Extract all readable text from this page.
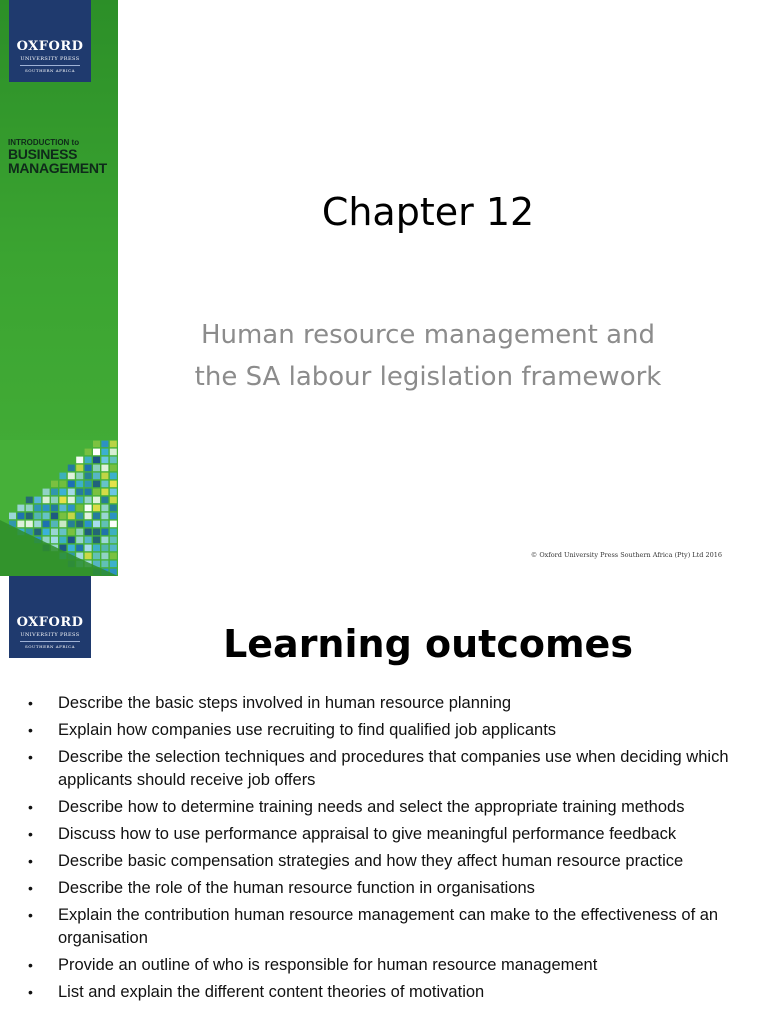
OXFORD
UNIVERSITY PRESS
SOUTHERN AFRICA
INTRODUCTION to
BUSINESS
MANAGEMENT
Chapter 12
Human resource management and
the SA labour legislation framework
© Oxford University Press Southern Africa (Pty) Ltd 2016
OXFORD
UNIVERSITY PRESS
SOUTHERN AFRICA	Learning outcomes
• Describe the basic steps involved in human resource planning
• Explain how companies use recruiting to find qualified job applicants
• Describe the selection techniques and procedures that companies use when deciding which applicants should receive job offers
• Describe how to determine training needs and select the appropriate training methods
• Discuss how to use performance appraisal to give meaningful performance feedback
• Describe basic compensation strategies and how they affect human resource practice
• Describe the role of the human resource function in organisations
• Explain the contribution human resource management can make to the effectiveness of an organisation
• Provide an outline of who is responsible for human resource management
• List and explain the different content theories of motivation
